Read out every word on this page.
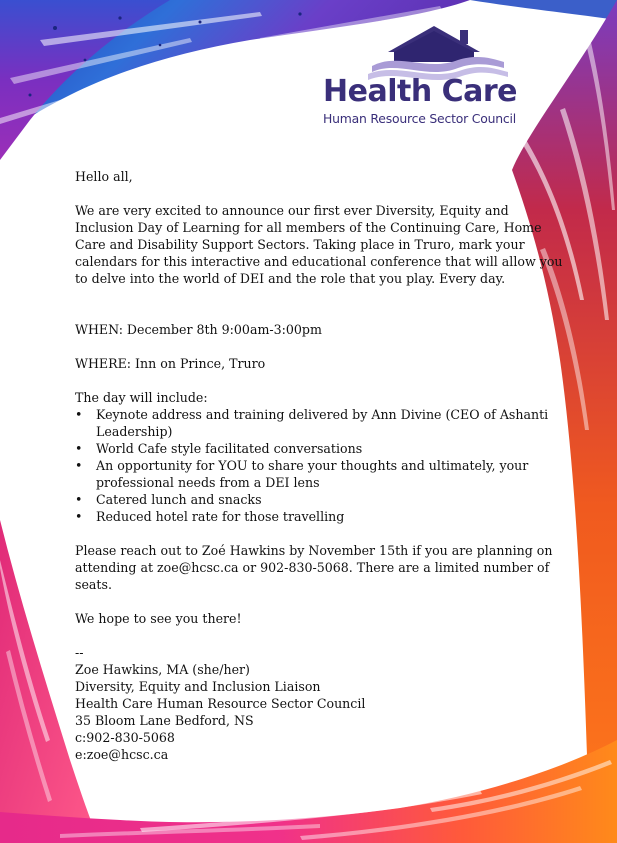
Health Care
Human Resource Sector Council

Hello all,

We are very excited to announce our first ever Diversity, Equity and Inclusion Day of Learning for all members of the Continuing Care, Home Care and Disability Support Sectors. Taking place in Truro, mark your calendars for this interactive and educational conference that will allow you to delve into the world of DEI and the role that you play. Every day.

WHEN: December 8th 9:00am-3:00pm

WHERE: Inn on Prince, Truro

The day will include:

• Keynote address and training delivered by Ann Divine (CEO of Ashanti Leadership)
• World Cafe style facilitated conversations
• An opportunity for YOU to share your thoughts and ultimately, your professional needs from a DEI lens
• Catered lunch and snacks
• Reduced hotel rate for those travelling

Please reach out to Zoé Hawkins by November 15th if you are planning on attending at zoe@hcsc.ca or 902-830-5068. There are a limited number of seats.

We hope to see you there!

--

Zoe Hawkins, MA (she/her)

Diversity, Equity and Inclusion Liaison

Health Care Human Resource Sector Council

35 Bloom Lane Bedford, NS

c:902-830-5068

e:zoe@hcsc.ca
